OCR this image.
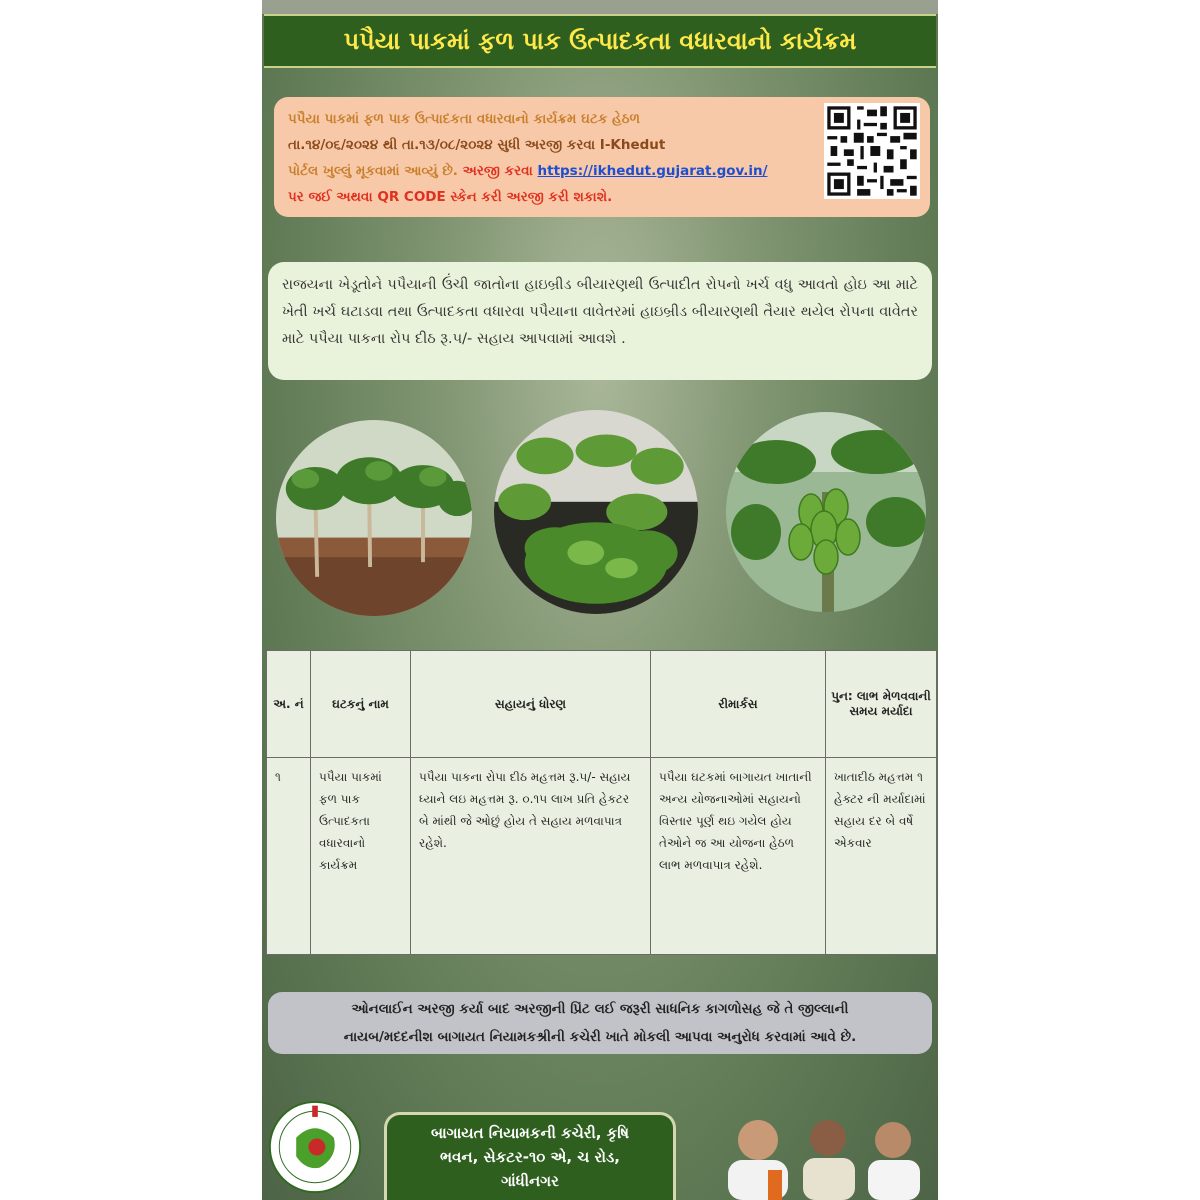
પપૈયા પાકમાં ફળ પાક ઉત્પાદકતા વધારવાનો કાર્યક્રમ

પપૈયા પાકમાં ફળ પાક ઉત્પાદકતા વધારવાનો કાર્યક્રમ ઘટક હેઠળ
તા.૧૪/૦૬/૨૦૨૪ થી તા.૧૩/૦૮/૨૦૨૪ સુધી અરજી કરવા I-Khedut
પોર્ટલ ખુલ્લું મૂકવામાં આવ્યું છે. અરજી કરવા https://ikhedut.gujarat.gov.in/
પર જઈ અથવા QR CODE સ્કેન કરી અરજી કરી શકાશે.

રાજયના ખેડૂતોને પપૈયાની ઉંચી જાતોના હાઇબ્રીડ બીયારણથી ઉત્પાદીત રોપનો ખર્ચ વધુ આવતો હોઇ આ માટે ખેતી ખર્ચ ઘટાડવા તથા ઉત્પાદકતા વધારવા પપૈયાના વાવેતરમાં હાઇબ્રીડ બીયારણથી તૈયાર થયેલ રોપના વાવેતર માટે પપૈયા પાકના રોપ દીઠ રૂ.૫/- સહાય આપવામાં આવશે .

અ. નં	ઘટકનું નામ	સહાયનું ધોરણ	રીમાર્કસ	પુન: લાભ મેળવવાની સમય મર્યાદા
૧	પપૈયા પાકમાં ફળ પાક ઉત્પાદકતા વધારવાનો કાર્યક્રમ	પપૈયા પાકના રોપા દીઠ મહત્તમ રૂ.૫/- સહાય ધ્યાને લઇ મહત્તમ રૂ. ૦.૧૫ લાખ પ્રતિ હેકટર બે માંથી જે ઓછું હોય તે સહાય મળવાપાત્ર રહેશે.	પપૈયા ઘટકમાં બાગાયત ખાતાની અન્ય યોજનાઓમાં સહાયનો વિસ્તાર પૂર્ણ થઇ ગયેલ હોય તેઓને જ આ યોજના હેઠળ લાભ મળવાપાત્ર રહેશે.	ખાતાદીઠ મહત્તમ ૧ હેક્ટર ની મર્યાદામાં સહાય દર બે વર્ષે એકવાર

ઓનલાઈન અરજી કર્યા બાદ અરજીની પ્રિંટ લઈ જરૂરી સાધનિક કાગળોસહ જે તે જીલ્લાની

નાયબ/મદદનીશ બાગાયત નિયામકશ્રીની કચેરી ખાતે મોકલી આપવા અનુરોધ કરવામાં આવે છે.

બાગાયત નિયામકની કચેરી, કૃષિ
ભવન, સેકટર-૧૦ એ, ચ રોડ,
ગાંધીનગર
